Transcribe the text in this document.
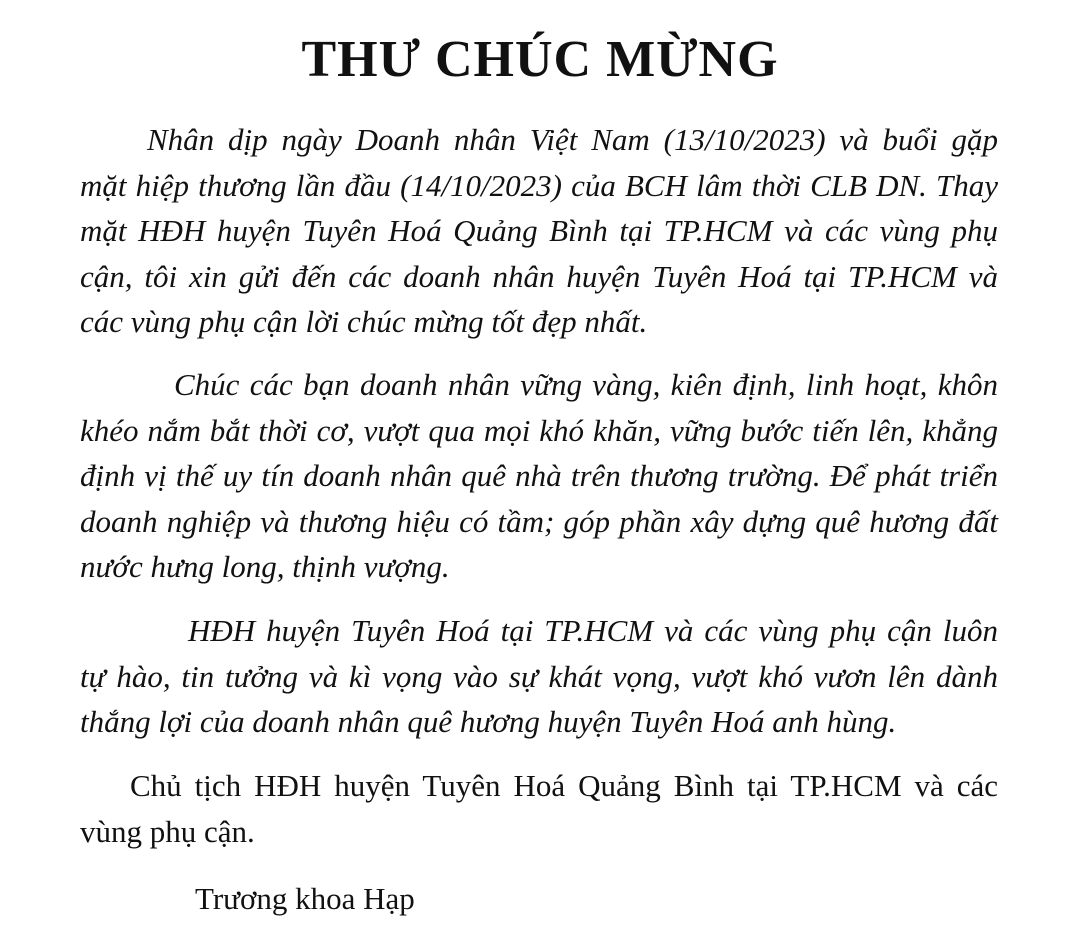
THƯ CHÚC MỪNG
Nhân dịp ngày Doanh nhân Việt Nam (13/10/2023) và buổi gặp
mặt hiệp thương lần đầu (14/10/2023) của BCH lâm thời CLB DN. Thay
mặt HĐH huyện Tuyên Hoá Quảng Bình tại TP.HCM và các vùng phụ
cận, tôi xin gửi đến các doanh nhân huyện Tuyên Hoá tại TP.HCM và
các vùng phụ cận lời chúc mừng tốt đẹp nhất.
Chúc các bạn doanh nhân vững vàng, kiên định, linh hoạt, khôn
khéo nắm bắt thời cơ, vượt qua mọi khó khăn, vững bước tiến lên, khẳng
định vị thế uy tín doanh nhân quê nhà trên thương trường. Để phát triển
doanh nghiệp và thương hiệu có tầm; góp phần xây dựng quê hương đất
nước hưng long, thịnh vượng.
HĐH huyện Tuyên Hoá tại TP.HCM và các vùng phụ cận luôn
tự hào, tin tưởng và kì vọng vào sự khát vọng, vượt khó vươn lên dành
thắng lợi của doanh nhân quê hương huyện Tuyên Hoá anh hùng.
Chủ tịch HĐH huyện Tuyên Hoá Quảng Bình tại TP.HCM và các
vùng phụ cận.

Trương khoa Hạp
